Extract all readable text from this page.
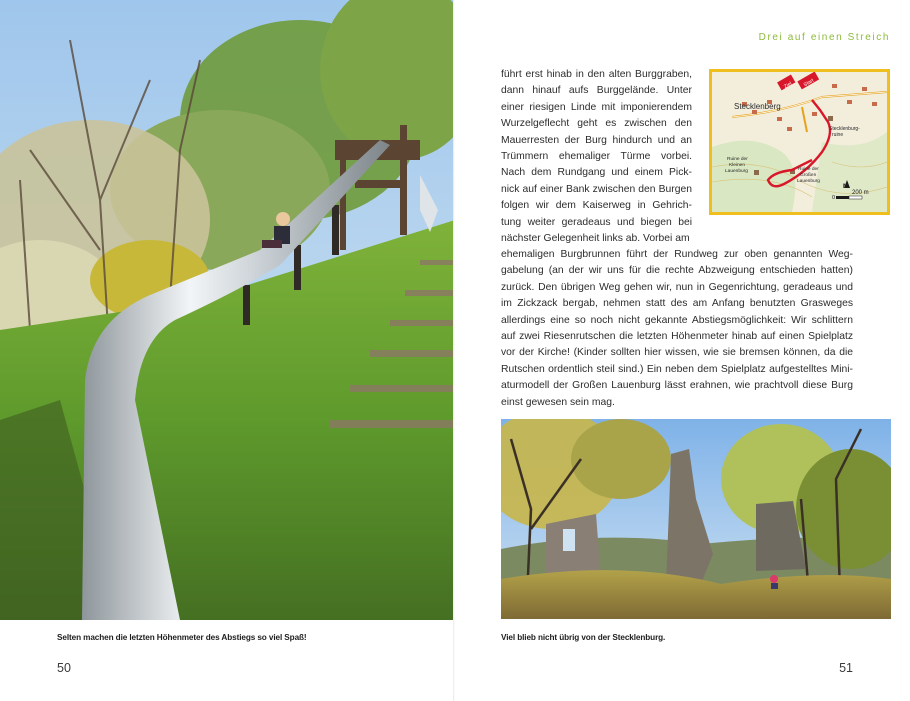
Selten machen die letzten Höhenmeter des Abstiegs so viel Spaß!
50
Drei auf einen Streich

führt erst hinab in den alten Burggraben, dann hinauf aufs Burggelände. Unter einer riesigen Linde mit imponierendem Wurzelgeflecht geht es zwischen den Mauerresten der Burg hindurch und an Trümmern ehemaliger Türme vorbei. Nach dem Rundgang und einem Pick-nick auf einer Bank zwischen den Burgen folgen wir dem Kaiserweg in Gehrich-tung weiter geradeaus und biegen bei nächster Gelegenheit links ab. Vorbei am

Ziel Start
Stecklenberg
Stecklenburg-
ruine
Ruine der
Kleinen
Lauenburg	Ruine der
Großen
Lauenburg
N
0
200 m

ehemaligen Burgbrunnen führt der Rundweg zur oben genannten Weg-gabelung (an der wir uns für die rechte Abzweigung entschieden hatten) zurück. Den übrigen Weg gehen wir, nun in Gegenrichtung, geradeaus und im Zickzack bergab, nehmen statt des am Anfang benutzten Grasweges allerdings eine so noch nicht gekannte Abstiegsmöglichkeit: Wir schlittern auf zwei Riesenrutschen die letzten Höhenmeter hinab auf einen Spielplatz vor der Kirche! (Kinder sollten hier wissen, wie sie bremsen können, da die Rutschen ordentlich steil sind.) Ein neben dem Spielplatz aufgestelltes Mini-aturmodell der Großen Lauenburg lässt erahnen, wie prachtvoll diese Burg einst gewesen sein mag.

Viel blieb nicht übrig von der Stecklenburg.
51
